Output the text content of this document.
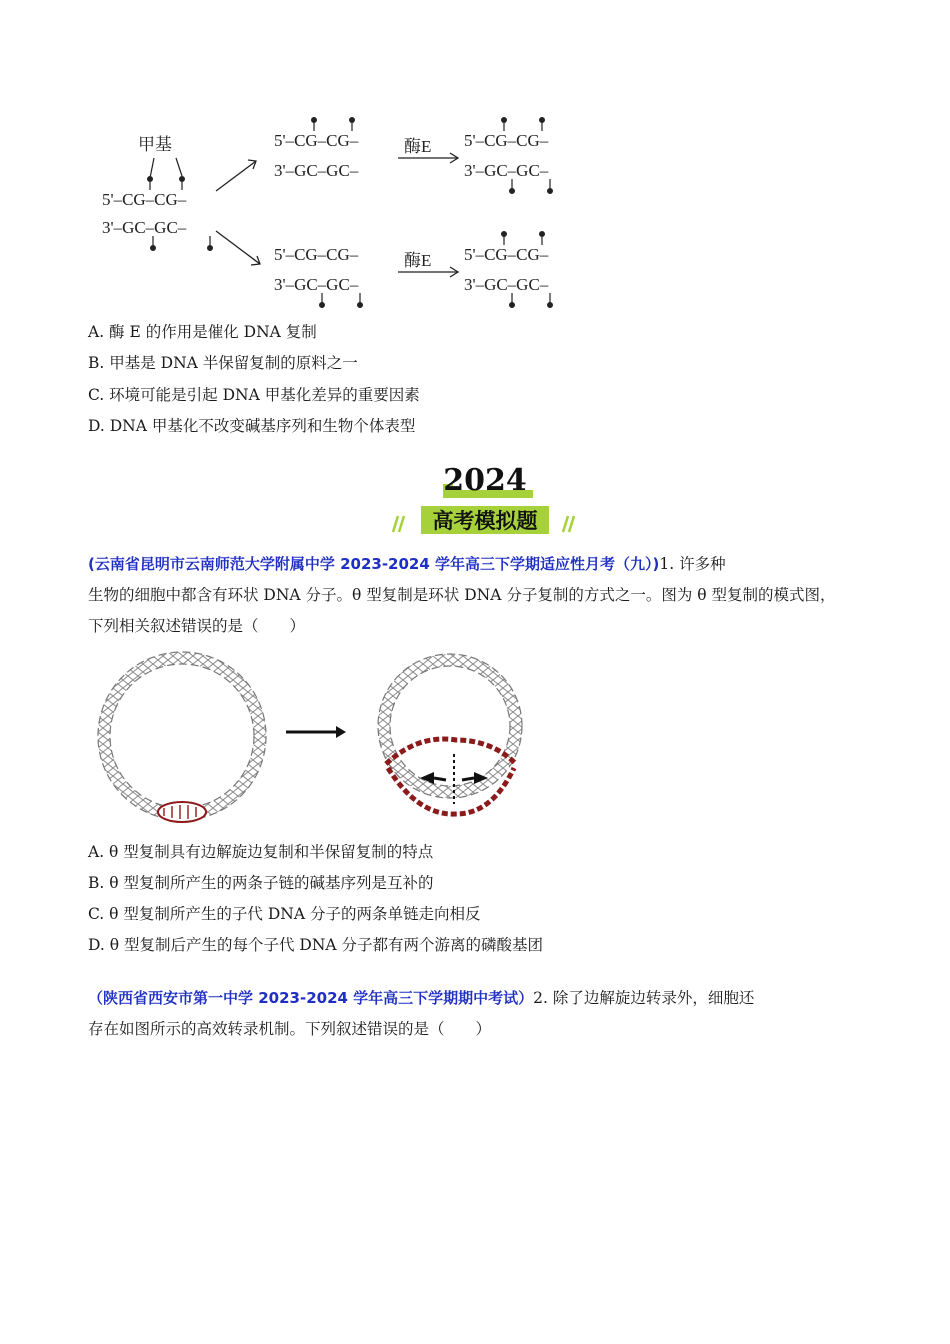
甲基
5'–CG–CG–
3'–GC–GC–
5'–CG–CG–
3'–GC–GC–
酶E 5'–CG–CG–
3'–GC–GC–
5'–CG–CG–
3'–GC–GC–
酶E 5'–CG–CG–
3'–GC–GC–
A. 酶 E 的作用是催化 DNA 复制
B. 甲基是 DNA 半保留复制的原料之一
C. 环境可能是引起 DNA 甲基化差异的重要因素
D. DNA 甲基化不改变碱基序列和生物个体表型
2024
高考模拟题
(云南省昆明市云南师范大学附属中学 2023-2024 学年高三下学期适应性月考（九）)1. 许多种
生物的细胞中都含有环状 DNA 分子。θ 型复制是环状 DNA 分子复制的方式之一。图为 θ 型复制的模式图，
下列相关叙述错误的是（　　）
A. θ 型复制具有边解旋边复制和半保留复制的特点
B. θ 型复制所产生的两条子链的碱基序列是互补的
C. θ 型复制所产生的子代 DNA 分子的两条单链走向相反
D. θ 型复制后产生的每个子代 DNA 分子都有两个游离的磷酸基团
（陕西省西安市第一中学 2023-2024 学年高三下学期期中考试）2. 除了边解旋边转录外，细胞还
存在如图所示的高效转录机制。下列叙述错误的是（　　）
